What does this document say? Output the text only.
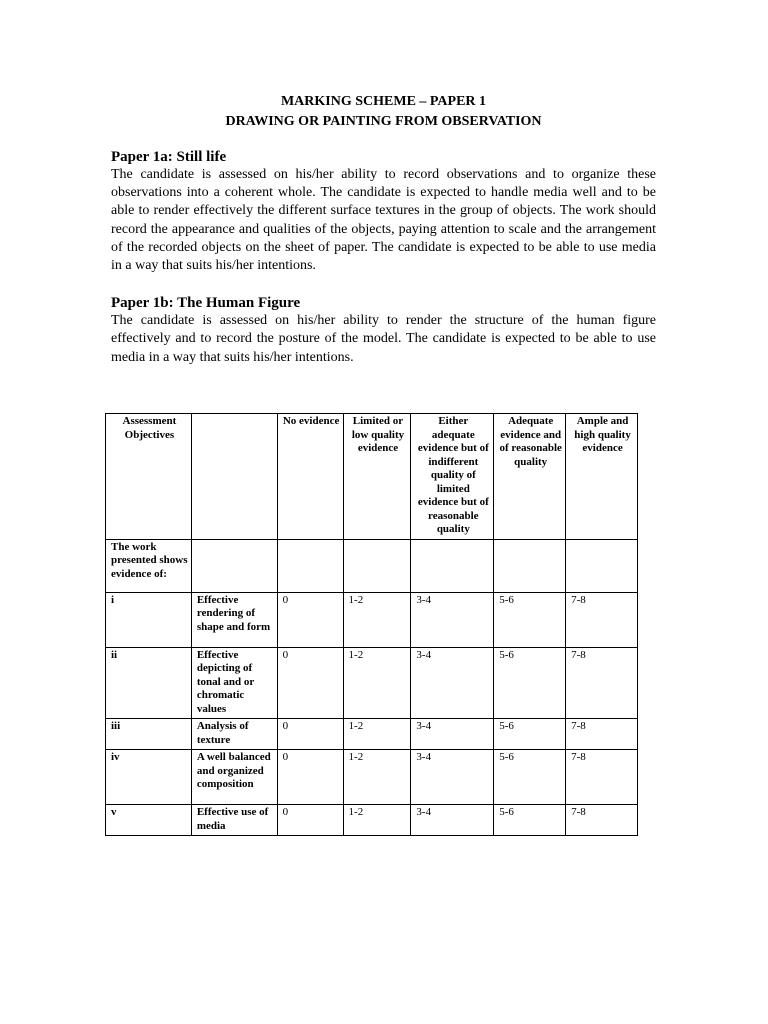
MARKING SCHEME – PAPER 1

DRAWING OR PAINTING FROM OBSERVATION

Paper 1a: Still life

The candidate is assessed on his/her ability to record observations and to organize these observations into a coherent whole. The candidate is expected to handle media well and to be able to render effectively the different surface textures in the group of objects. The work should record the appearance and qualities of the objects, paying attention to scale and the arrangement of the recorded objects on the sheet of paper. The candidate is expected to be able to use media in a way that suits his/her intentions.

Paper 1b: The Human Figure

The candidate is assessed on his/her ability to render the structure of the human figure effectively and to record the posture of the model. The candidate is expected to be able to use media in a way that suits his/her intentions.

Assessment Objectives		No evidence	Limited or low quality evidence	Either adequate evidence but of indifferent quality of limited evidence but of reasonable quality	Adequate evidence and of reasonable quality	Ample and high quality evidence
The work presented shows evidence of:						
i	Effective rendering of shape and form	0	1-2	3-4	5-6	7-8
ii	Effective depicting of tonal and or chromatic values	0	1-2	3-4	5-6	7-8
iii	Analysis of texture	0	1-2	3-4	5-6	7-8
iv	A well balanced and organized composition	0	1-2	3-4	5-6	7-8
v	Effective use of media	0	1-2	3-4	5-6	7-8
